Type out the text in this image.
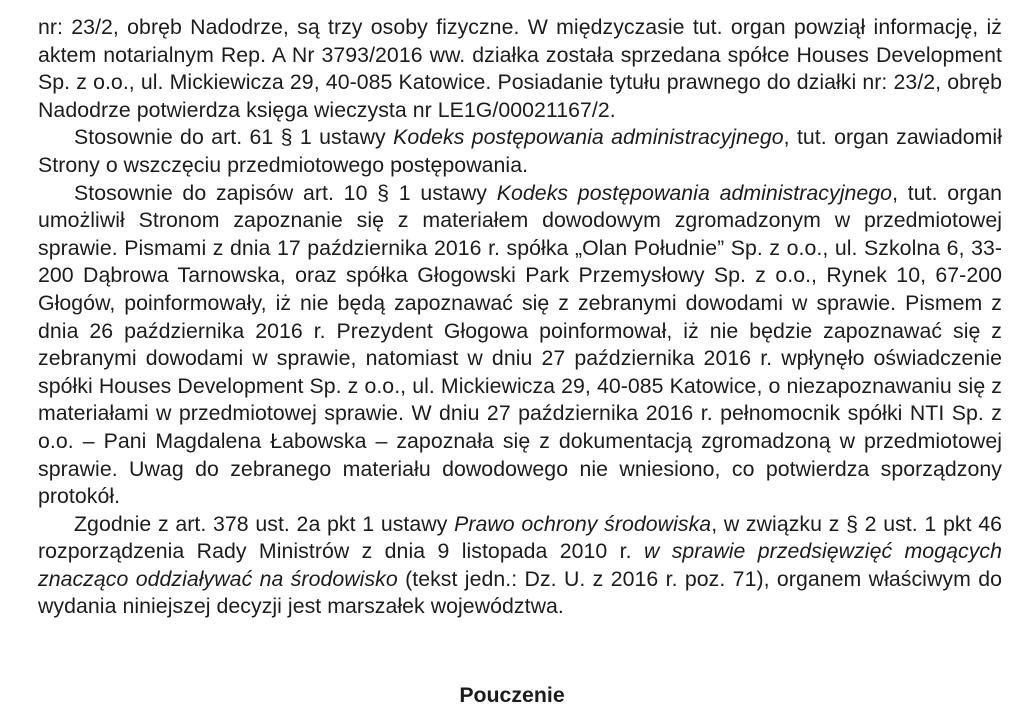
nr: 23/2, obręb Nadodrze, są trzy osoby fizyczne. W międzyczasie tut. organ powziął informację, iż aktem notarialnym Rep. A Nr 3793/2016 ww. działka została sprzedana spółce Houses Development Sp. z o.o., ul. Mickiewicza 29, 40-085 Katowice. Posiadanie tytułu prawnego do działki nr: 23/2, obręb Nadodrze potwierdza księga wieczysta nr LE1G/00021167/2.

Stosownie do art. 61 § 1 ustawy Kodeks postępowania administracyjnego, tut. organ zawiadomił Strony o wszczęciu przedmiotowego postępowania.

Stosownie do zapisów art. 10 § 1 ustawy Kodeks postępowania administracyjnego, tut. organ umożliwił Stronom zapoznanie się z materiałem dowodowym zgromadzonym w przedmiotowej sprawie. Pismami z dnia 17 października 2016 r. spółka „Olan Południe” Sp. z o.o., ul. Szkolna 6, 33-200 Dąbrowa Tarnowska, oraz spółka Głogowski Park Przemysłowy Sp. z o.o., Rynek 10, 67-200 Głogów, poinformowały, iż nie będą zapoznawać się z zebranymi dowodami w sprawie. Pismem z dnia 26 października 2016 r. Prezydent Głogowa poinformował, iż nie będzie zapoznawać się z zebranymi dowodami w sprawie, natomiast w dniu 27 października 2016 r. wpłynęło oświadczenie spółki Houses Development Sp. z o.o., ul. Mickiewicza 29, 40-085 Katowice, o niezapoznawaniu się z materiałami w przedmiotowej sprawie. W dniu 27 października 2016 r. pełnomocnik spółki NTI Sp. z o.o. – Pani Magdalena Łabowska – zapoznała się z dokumentacją zgromadzoną w przedmiotowej sprawie. Uwag do zebranego materiału dowodowego nie wniesiono, co potwierdza sporządzony protokół.

Zgodnie z art. 378 ust. 2a pkt 1 ustawy Prawo ochrony środowiska, w związku z § 2 ust. 1 pkt 46 rozporządzenia Rady Ministrów z dnia 9 listopada 2010 r. w sprawie przedsięwzięć mogących znacząco oddziaływać na środowisko (tekst jedn.: Dz. U. z 2016 r. poz. 71), organem właściwym do wydania niniejszej decyzji jest marszałek województwa.

Pouczenie
